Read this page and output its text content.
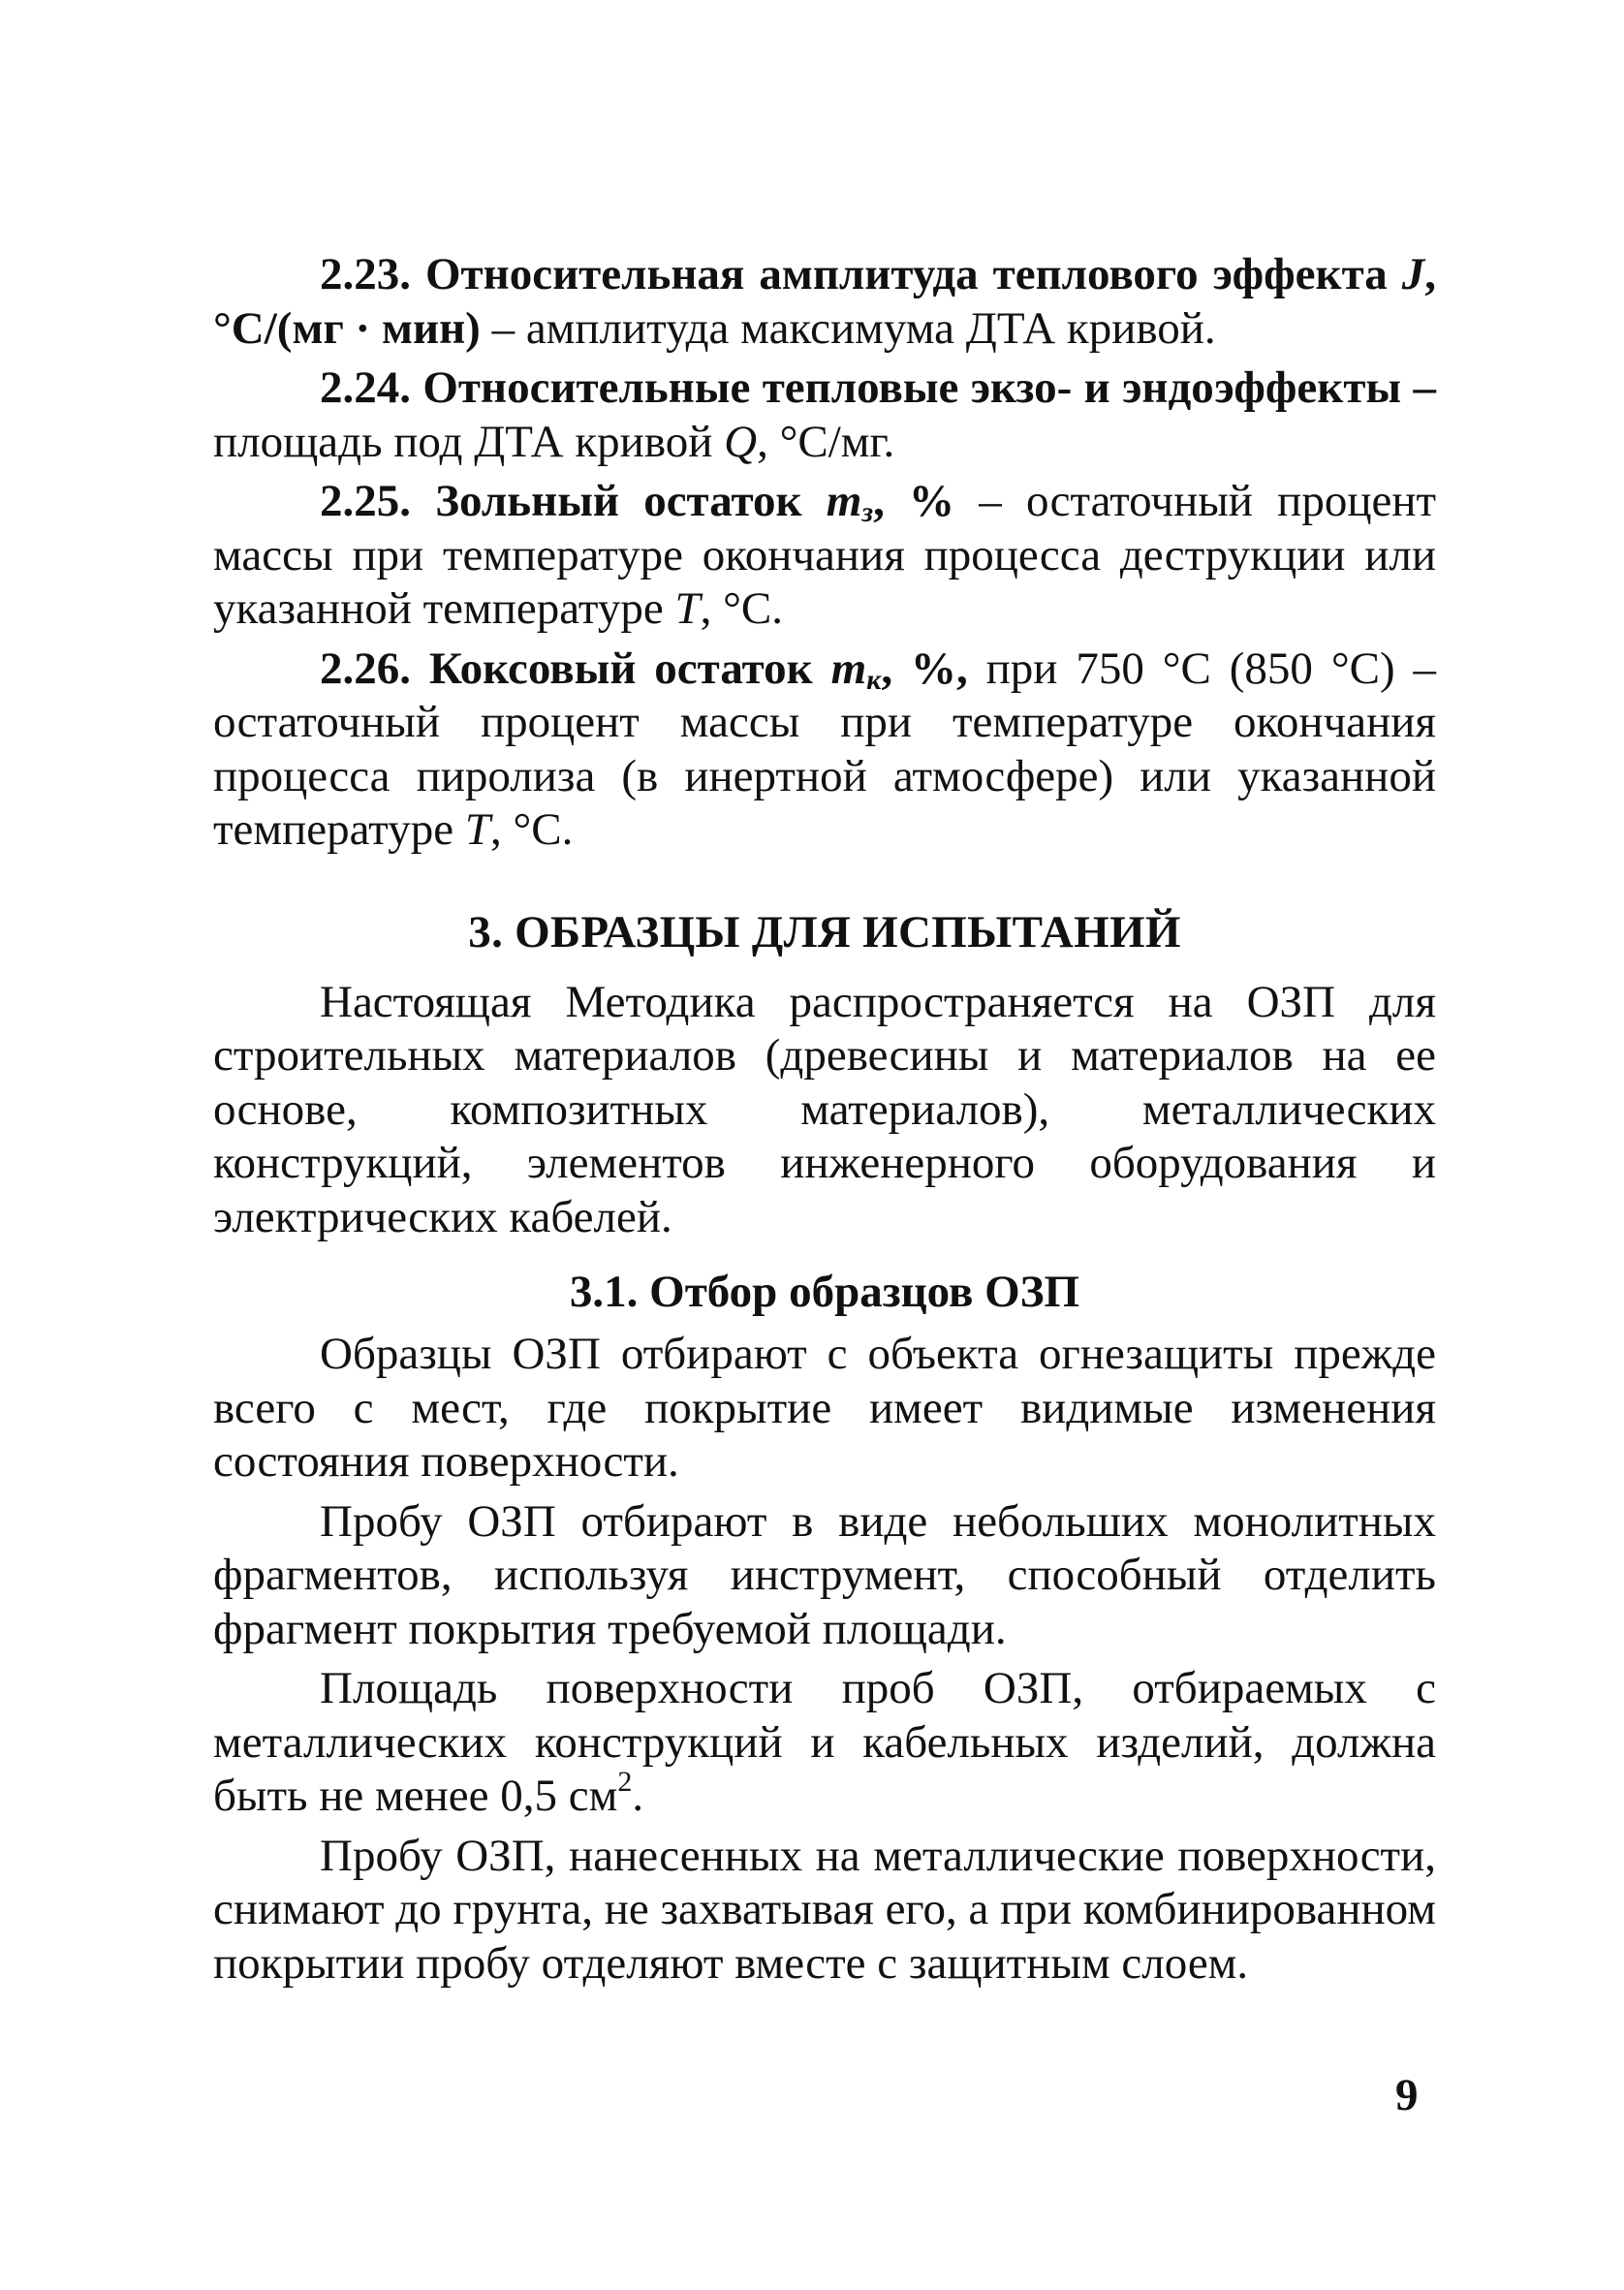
2.23. Относительная амплитуда теплового эффекта J, °С/(мг · мин) – амплитуда максимума ДТА кривой.

2.24. Относительные тепловые экзо- и эндоэффекты – площадь под ДТА кривой Q, °С/мг.

2.25. Зольный остаток $m_з$, % – остаточный процент массы при температуре окончания процесса деструкции или указанной температуре Т, °С.

2.26. Коксовый остаток $m_к$, %, при 750 °С (850 °С) – остаточный процент массы при температуре окончания процесса пиролиза (в инертной атмосфере) или указанной температуре Т, °С.

3. ОБРАЗЦЫ ДЛЯ ИСПЫТАНИЙ

Настоящая Методика распространяется на ОЗП для строительных материалов (древесины и материалов на ее основе, композитных материалов), металлических конструкций, элементов инженерного оборудования и электрических кабелей.

3.1. Отбор образцов ОЗП

Образцы ОЗП отбирают с объекта огнезащиты прежде всего с мест, где покрытие имеет видимые изменения состояния поверхности.

Пробу ОЗП отбирают в виде небольших монолитных фрагментов, используя инструмент, способный отделить фрагмент покрытия требуемой площади.

Площадь поверхности проб ОЗП, отбираемых с металлических конструкций и кабельных изделий, должна быть не менее 0,5 $см^2$.

Пробу ОЗП, нанесенных на металлические поверхности, снимают до грунта, не захватывая его, а при комбинированном покрытии пробу отделяют вместе с защитным слоем.

9
